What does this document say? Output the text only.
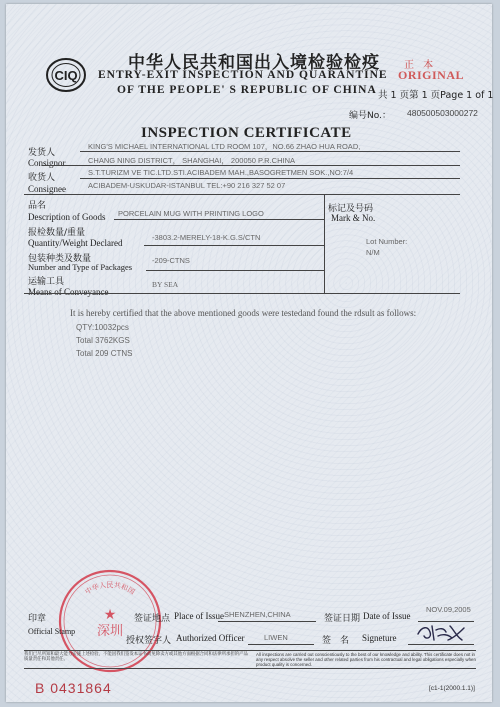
CIQ
中华人民共和国出入境检验检疫
ENTRY-EXIT INSPECTION AND QUARANTINE
OF THE PEOPLE' S REPUBLIC OF CHINA
正 本
ORIGINAL
共 1 页第 1 页Page 1 of 1
编号No.： 480500503000272
INSPECTION CERTIFICATE
发货人
Consignor
KING'S MICHAEL INTERNATIONAL LTD ROOM 107，NO.66 ZHAO HUA ROAD,
CHANG NING DISTRICT， SHANGHAI， 200050 P.R.CHINA
收货人
Consignee
S.T.TURIZM VE TIC.LTD.STI.ACIBADEM MAH.,BASOGRETMEN SOK.,NO:7/4
ACIBADEM-USKUDAR-ISTANBUL TEL:+90 216 327 52 07
品名
Description of Goods PORCELAIN MUG WITH PRINTING LOGO
报检数量/重量
Quantity/Weight Declared
-3803.2-MERELY-18-K.G.S/CTN
包装种类及数量
Number and Type of Packages
-209-CTNS
运输工具
Means of Conveyance
BY SEA
标记及号码
Mark & No.
Lot Number:
N/M
It is hereby certified that the above mentioned goods were testedand found the rdsult as follows:
QTY:10032pcs
Total 3762KGS
Total 209 CTNS
中华人民共和国
深圳
★
印章
Official Stamp
签证地点 Place of Issue SHENZHEN,CHINA	签证日期 Date of Issue
NOV.09,2005
授权签字人 Authorized Officer	LIWEN	签　名 Signeture
我们已尽所知和最大能力实施上述检验，不能因我们签发本证书而免除卖方或其他方面根据合同和法律所承担的产品质量责任和其他责任。
All inspections are carried out conscientiously to the best of our knowledge and ability. This certificate does not in any respect absolve the seller and other related parties from his contractual and legal obligations especially when product quality is concerned.
B 0431864	[c1-1(2000.1.1)]
